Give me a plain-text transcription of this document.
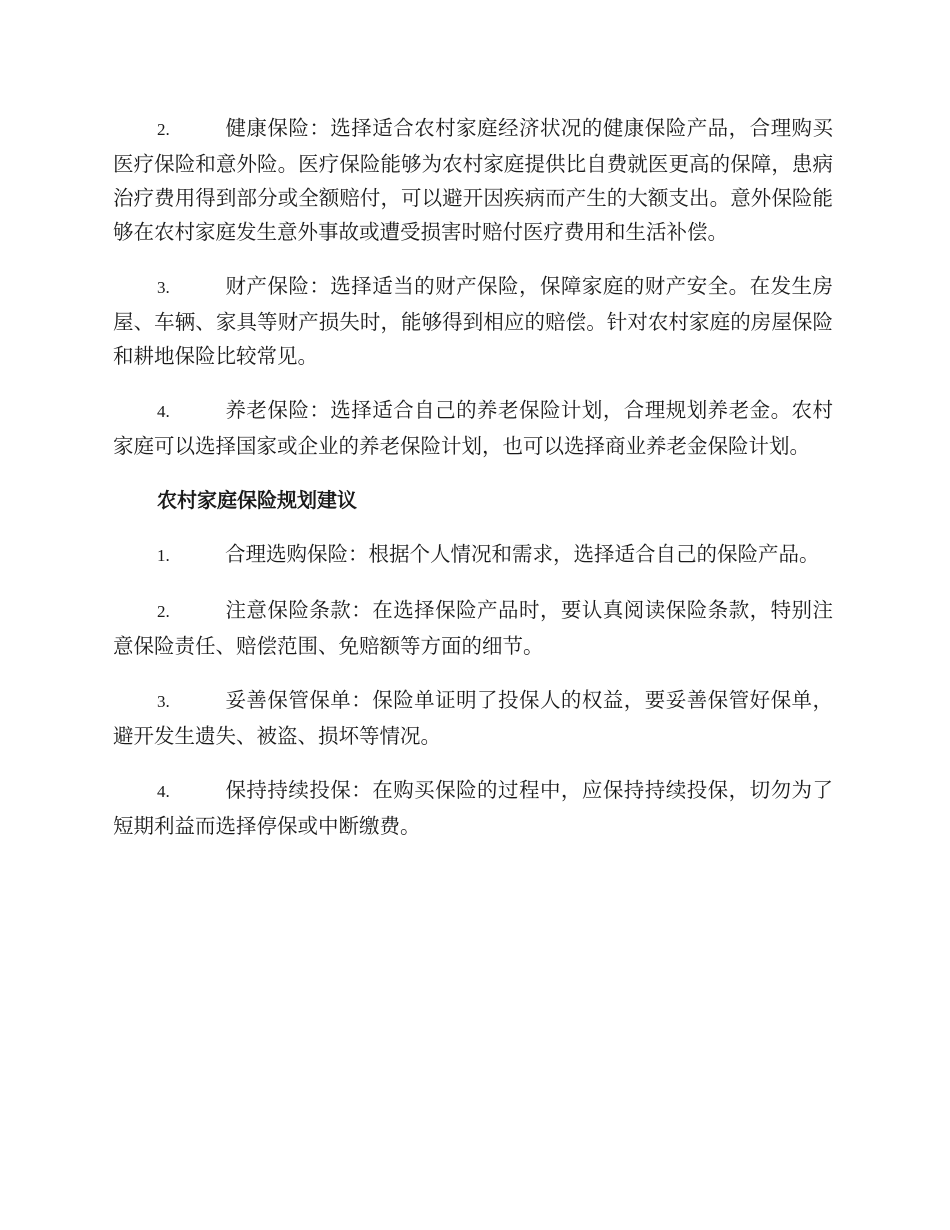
2.	健康保险：选择适合农村家庭经济状况的健康保险产品，合理购买医疗保险和意外险。医疗保险能够为农村家庭提供比自费就医更高的保障，患病治疗费用得到部分或全额赔付，可以避开因疾病而产生的大额支出。意外保险能够在农村家庭发生意外事故或遭受损害时赔付医疗费用和生活补偿。

3.	财产保险：选择适当的财产保险，保障家庭的财产安全。在发生房屋、车辆、家具等财产损失时，能够得到相应的赔偿。针对农村家庭的房屋保险和耕地保险比较常见。

4.	养老保险：选择适合自己的养老保险计划，合理规划养老金。农村家庭可以选择国家或企业的养老保险计划，也可以选择商业养老金保险计划。

农村家庭保险规划建议

1.	合理选购保险：根据个人情况和需求，选择适合自己的保险产品。

2.	注意保险条款：在选择保险产品时，要认真阅读保险条款，特别注意保险责任、赔偿范围、免赔额等方面的细节。

3.	妥善保管保单：保险单证明了投保人的权益，要妥善保管好保单，避开发生遗失、被盗、损坏等情况。

4.	保持持续投保：在购买保险的过程中，应保持持续投保，切勿为了短期利益而选择停保或中断缴费。
